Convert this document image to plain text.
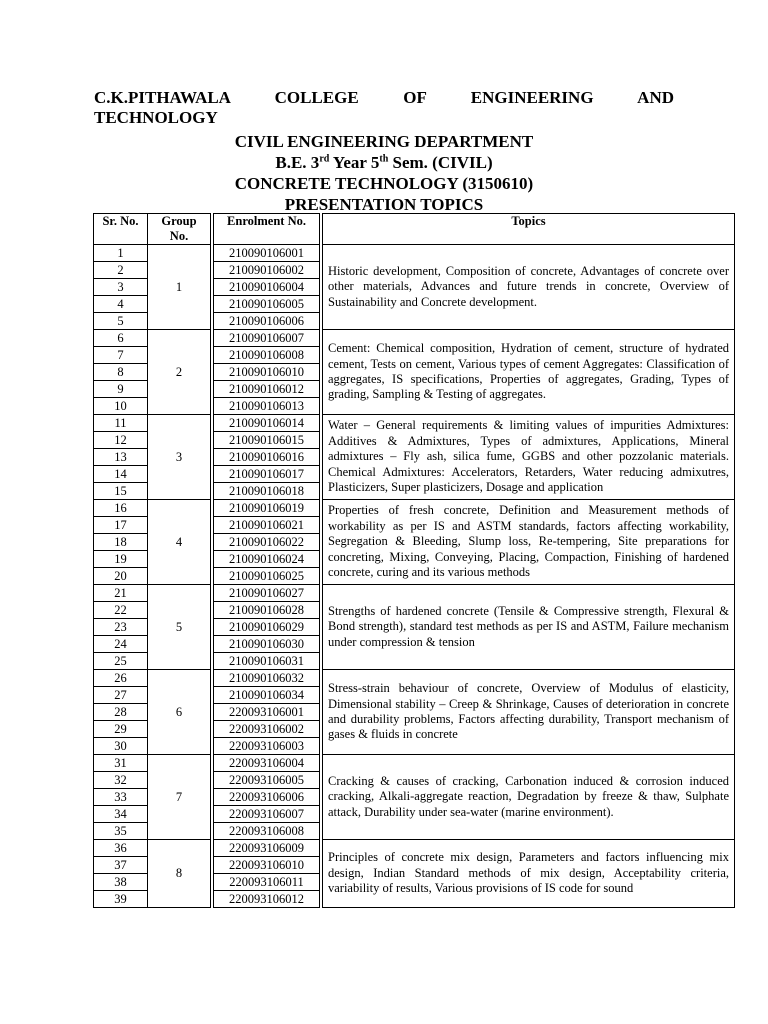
C.K.PITHAWALA	COLLEGE	OF	ENGINEERING	AND
TECHNOLOGY
CIVIL ENGINEERING DEPARTMENT
B.E. 3rd Year 5th Sem. (CIVIL)
CONCRETE TECHNOLOGY (3150610)
PRESENTATION TOPICS
Sr. No.	Group No.		Enrolment No.		Topics
1	1		210090106001		Historic development, Composition of concrete, Advantages of concrete over other materials, Advances and future trends in concrete, Overview of Sustainability and Concrete development.
2			210090106002		
3			210090106004		
4			210090106005		
5			210090106006		
6	2		210090106007		Cement: Chemical composition, Hydration of cement, structure of hydrated cement, Tests on cement, Various types of cement Aggregates: Classification of aggregates, IS specifications, Properties of aggregates, Grading, Types of grading, Sampling & Testing of aggregates.
7			210090106008		
8			210090106010		
9			210090106012		
10			210090106013		
11	3		210090106014		Water – General requirements & limiting values of impurities Admixtures: Additives & Admixtures, Types of admixtures, Applications, Mineral admixtures – Fly ash, silica fume, GGBS and other pozzolanic materials. Chemical Admixtures: Accelerators, Retarders, Water reducing admixutres, Plasticizers, Super plasticizers, Dosage and application
12			210090106015		
13			210090106016		
14			210090106017		
15			210090106018		
16	4		210090106019		Properties of fresh concrete, Definition and Measurement methods of workability as per IS and ASTM standards, factors affecting workability, Segregation & Bleeding, Slump loss, Re-tempering, Site preparations for concreting, Mixing, Conveying, Placing, Compaction, Finishing of hardened concrete, curing and its various methods
17			210090106021		
18			210090106022		
19			210090106024		
20			210090106025		
21	5		210090106027		Strengths of hardened concrete (Tensile & Compressive strength, Flexural & Bond strength), standard test methods as per IS and ASTM, Failure mechanism under compression & tension
22			210090106028		
23			210090106029		
24			210090106030		
25			210090106031		
26	6		210090106032		Stress-strain behaviour of concrete, Overview of Modulus of elasticity, Dimensional stability – Creep & Shrinkage, Causes of deterioration in concrete and durability problems, Factors affecting durability, Transport mechanism of gases & fluids in concrete
27			210090106034		
28			220093106001		
29			220093106002		
30			220093106003		
31	7		220093106004		Cracking & causes of cracking, Carbonation induced & corrosion induced cracking, Alkali-aggregate reaction, Degradation by freeze & thaw, Sulphate attack, Durability under sea-water (marine environment).
32			220093106005		
33			220093106006		
34			220093106007		
35			220093106008		
36	8		220093106009		Principles of concrete mix design, Parameters and factors influencing mix design, Indian Standard methods of mix design, Acceptability criteria, variability of results, Various provisions of IS code for sound
37			220093106010		
38			220093106011		
39			220093106012		
